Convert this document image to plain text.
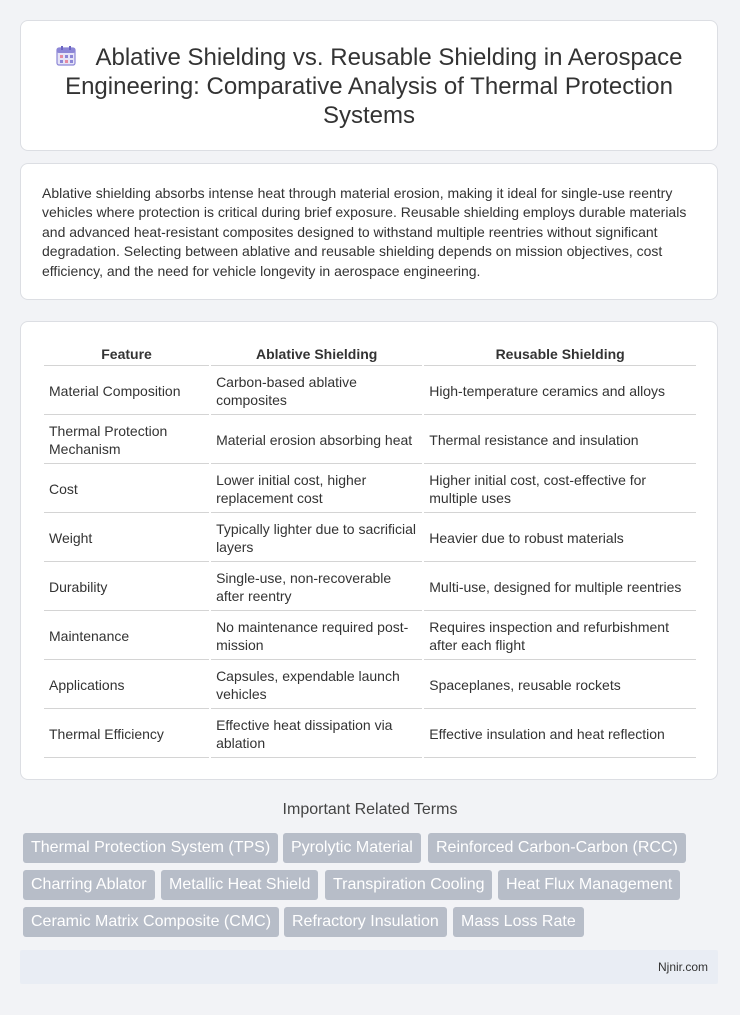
Ablative Shielding vs. Reusable Shielding in Aerospace Engineering: Comparative Analysis of Thermal Protection Systems

Ablative shielding absorbs intense heat through material erosion, making it ideal for single-use reentry vehicles where protection is critical during brief exposure. Reusable shielding employs durable materials and advanced heat-resistant composites designed to withstand multiple reentries without significant degradation. Selecting between ablative and reusable shielding depends on mission objectives, cost efficiency, and the need for vehicle longevity in aerospace engineering.

Feature	Ablative Shielding	Reusable Shielding
Material Composition	Carbon-based ablative composites	High-temperature ceramics and alloys
Thermal Protection Mechanism	Material erosion absorbing heat	Thermal resistance and insulation
Cost	Lower initial cost, higher replacement cost	Higher initial cost, cost-effective for multiple uses
Weight	Typically lighter due to sacrificial layers	Heavier due to robust materials
Durability	Single-use, non-recoverable after reentry	Multi-use, designed for multiple reentries
Maintenance	No maintenance required post-mission	Requires inspection and refurbishment after each flight
Applications	Capsules, expendable launch vehicles	Spaceplanes, reusable rockets
Thermal Efficiency	Effective heat dissipation via ablation	Effective insulation and heat reflection
Important Related Terms
Thermal Protection System (TPS)	Pyrolytic Material	Reinforced Carbon-Carbon (RCC)
Charring Ablator	Metallic Heat Shield	Transpiration Cooling	Heat Flux Management
Ceramic Matrix Composite (CMC)	Refractory Insulation	Mass Loss Rate
Njnir.com
